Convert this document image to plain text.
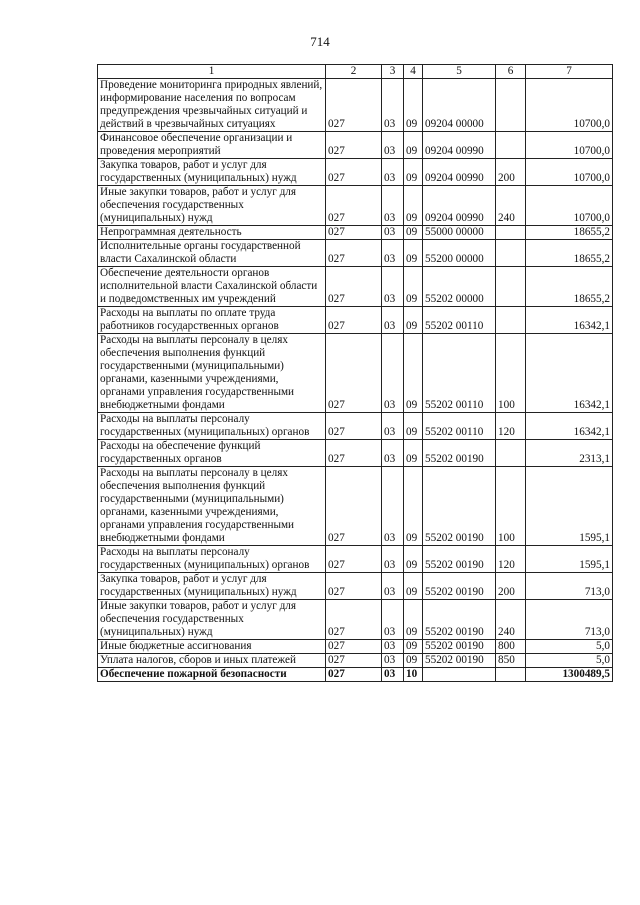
714
1	2	3	4	5	6	7
Проведение мониторинга природных явлений, информирование населения по вопросам предупреждения чрезвычайных ситуаций и действий в чрезвычайных ситуациях	027	03	09	09204 00000		10700,0
Финансовое обеспечение организации и проведения мероприятий	027	03	09	09204 00990		10700,0
Закупка товаров, работ и услуг для государственных (муниципальных) нужд	027	03	09	09204 00990	200	10700,0
Иные закупки товаров, работ и услуг для обеспечения государственных (муниципальных) нужд	027	03	09	09204 00990	240	10700,0
Непрограммная деятельность	027	03	09	55000 00000		18655,2
Исполнительные органы государственной власти Сахалинской области	027	03	09	55200 00000		18655,2
Обеспечение деятельности органов исполнительной власти Сахалинской области и подведомственных им учреждений	027	03	09	55202 00000		18655,2
Расходы на выплаты по оплате труда работников государственных органов	027	03	09	55202 00110		16342,1
Расходы на выплаты персоналу в целях обеспечения выполнения функций государственными (муниципальными) органами, казенными учреждениями, органами управления государственными внебюджетными фондами	027	03	09	55202 00110	100	16342,1
Расходы на выплаты персоналу государственных (муниципальных) органов	027	03	09	55202 00110	120	16342,1
Расходы на обеспечение функций государственных органов	027	03	09	55202 00190		2313,1
Расходы на выплаты персоналу в целях обеспечения выполнения функций государственными (муниципальными) органами, казенными учреждениями, органами управления государственными внебюджетными фондами	027	03	09	55202 00190	100	1595,1
Расходы на выплаты персоналу государственных (муниципальных) органов	027	03	09	55202 00190	120	1595,1
Закупка товаров, работ и услуг для государственных (муниципальных) нужд	027	03	09	55202 00190	200	713,0
Иные закупки товаров, работ и услуг для обеспечения государственных (муниципальных) нужд	027	03	09	55202 00190	240	713,0
Иные бюджетные ассигнования	027	03	09	55202 00190	800	5,0
Уплата налогов, сборов и иных платежей	027	03	09	55202 00190	850	5,0
Обеспечение пожарной безопасности	027	03	10			1300489,5
